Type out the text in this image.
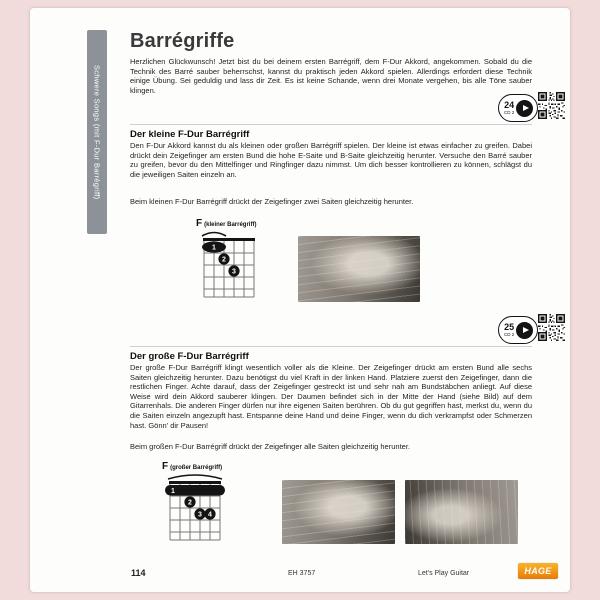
Schwere Songs (mit F-Dur Barrégriff)
Barrégriffe

Herzlichen Glückwunsch! Jetzt bist du bei deinem ersten Barrégriff, dem F-Dur Akkord, angekommen. Sobald du die Technik des Barré sauber beherrschst, kannst du praktisch jeden Akkord spielen. Allerdings erfordert diese Technik einige Übung. Sei geduldig und lass dir Zeit. Es ist keine Schande, wenn drei Monate vergehen, bis alle Töne sauber klingen.

24
CD 2
Der kleine F-Dur Barrégriff

Den F-Dur Akkord kannst du als kleinen oder großen Barrégriff spielen. Der kleine ist etwas einfacher zu greifen. Dabei drückt dein Zeigefinger am ersten Bund die hohe E-Saite und B-Saite gleichzeitig herunter. Versuche den Barré sauber zu greifen, bevor du den Mittelfinger und Ringfinger dazu nimmst. Um dich besser kontrollieren zu können, schlägst du die jeweiligen Saiten einzeln an.

Beim kleinen F-Dur Barrégriff drückt der Zeigefinger zwei Saiten gleichzeitig herunter.

F (kleiner Barrégriff)
1
2
3
25
CD 2
Der große F-Dur Barrégriff

Der große F-Dur Barrégriff klingt wesentlich voller als die Kleine. Der Zeigefinger drückt am ersten Bund alle sechs Saiten gleichzeitig herunter. Dazu benötigst du viel Kraft in der linken Hand. Platziere zuerst den Zeigefinger, dann die restlichen Finger. Achte darauf, dass der Zeigefinger gestreckt ist und sehr nah am Bundstäbchen anliegt. Auf diese Weise wird dein Akkord sauberer klingen. Der Daumen befindet sich in der Mitte der Hand (siehe Bild) auf dem Gitarrenhals. Die anderen Finger dürfen nur ihre eigenen Saiten berühren. Ob du gut gegriffen hast, merkst du, wenn du die Saiten einzeln angezupft hast. Entspanne deine Hand und deine Finger, wenn du dich verkrampfst oder Schmerzen hast. Gönn' dir Pausen!

Beim großen F-Dur Barrégriff drückt der Zeigefinger alle Saiten gleichzeitig herunter.

F (großer Barrégriff)
1
2
3 4
114	EH 3757	Let's Play Guitar	HAGE
